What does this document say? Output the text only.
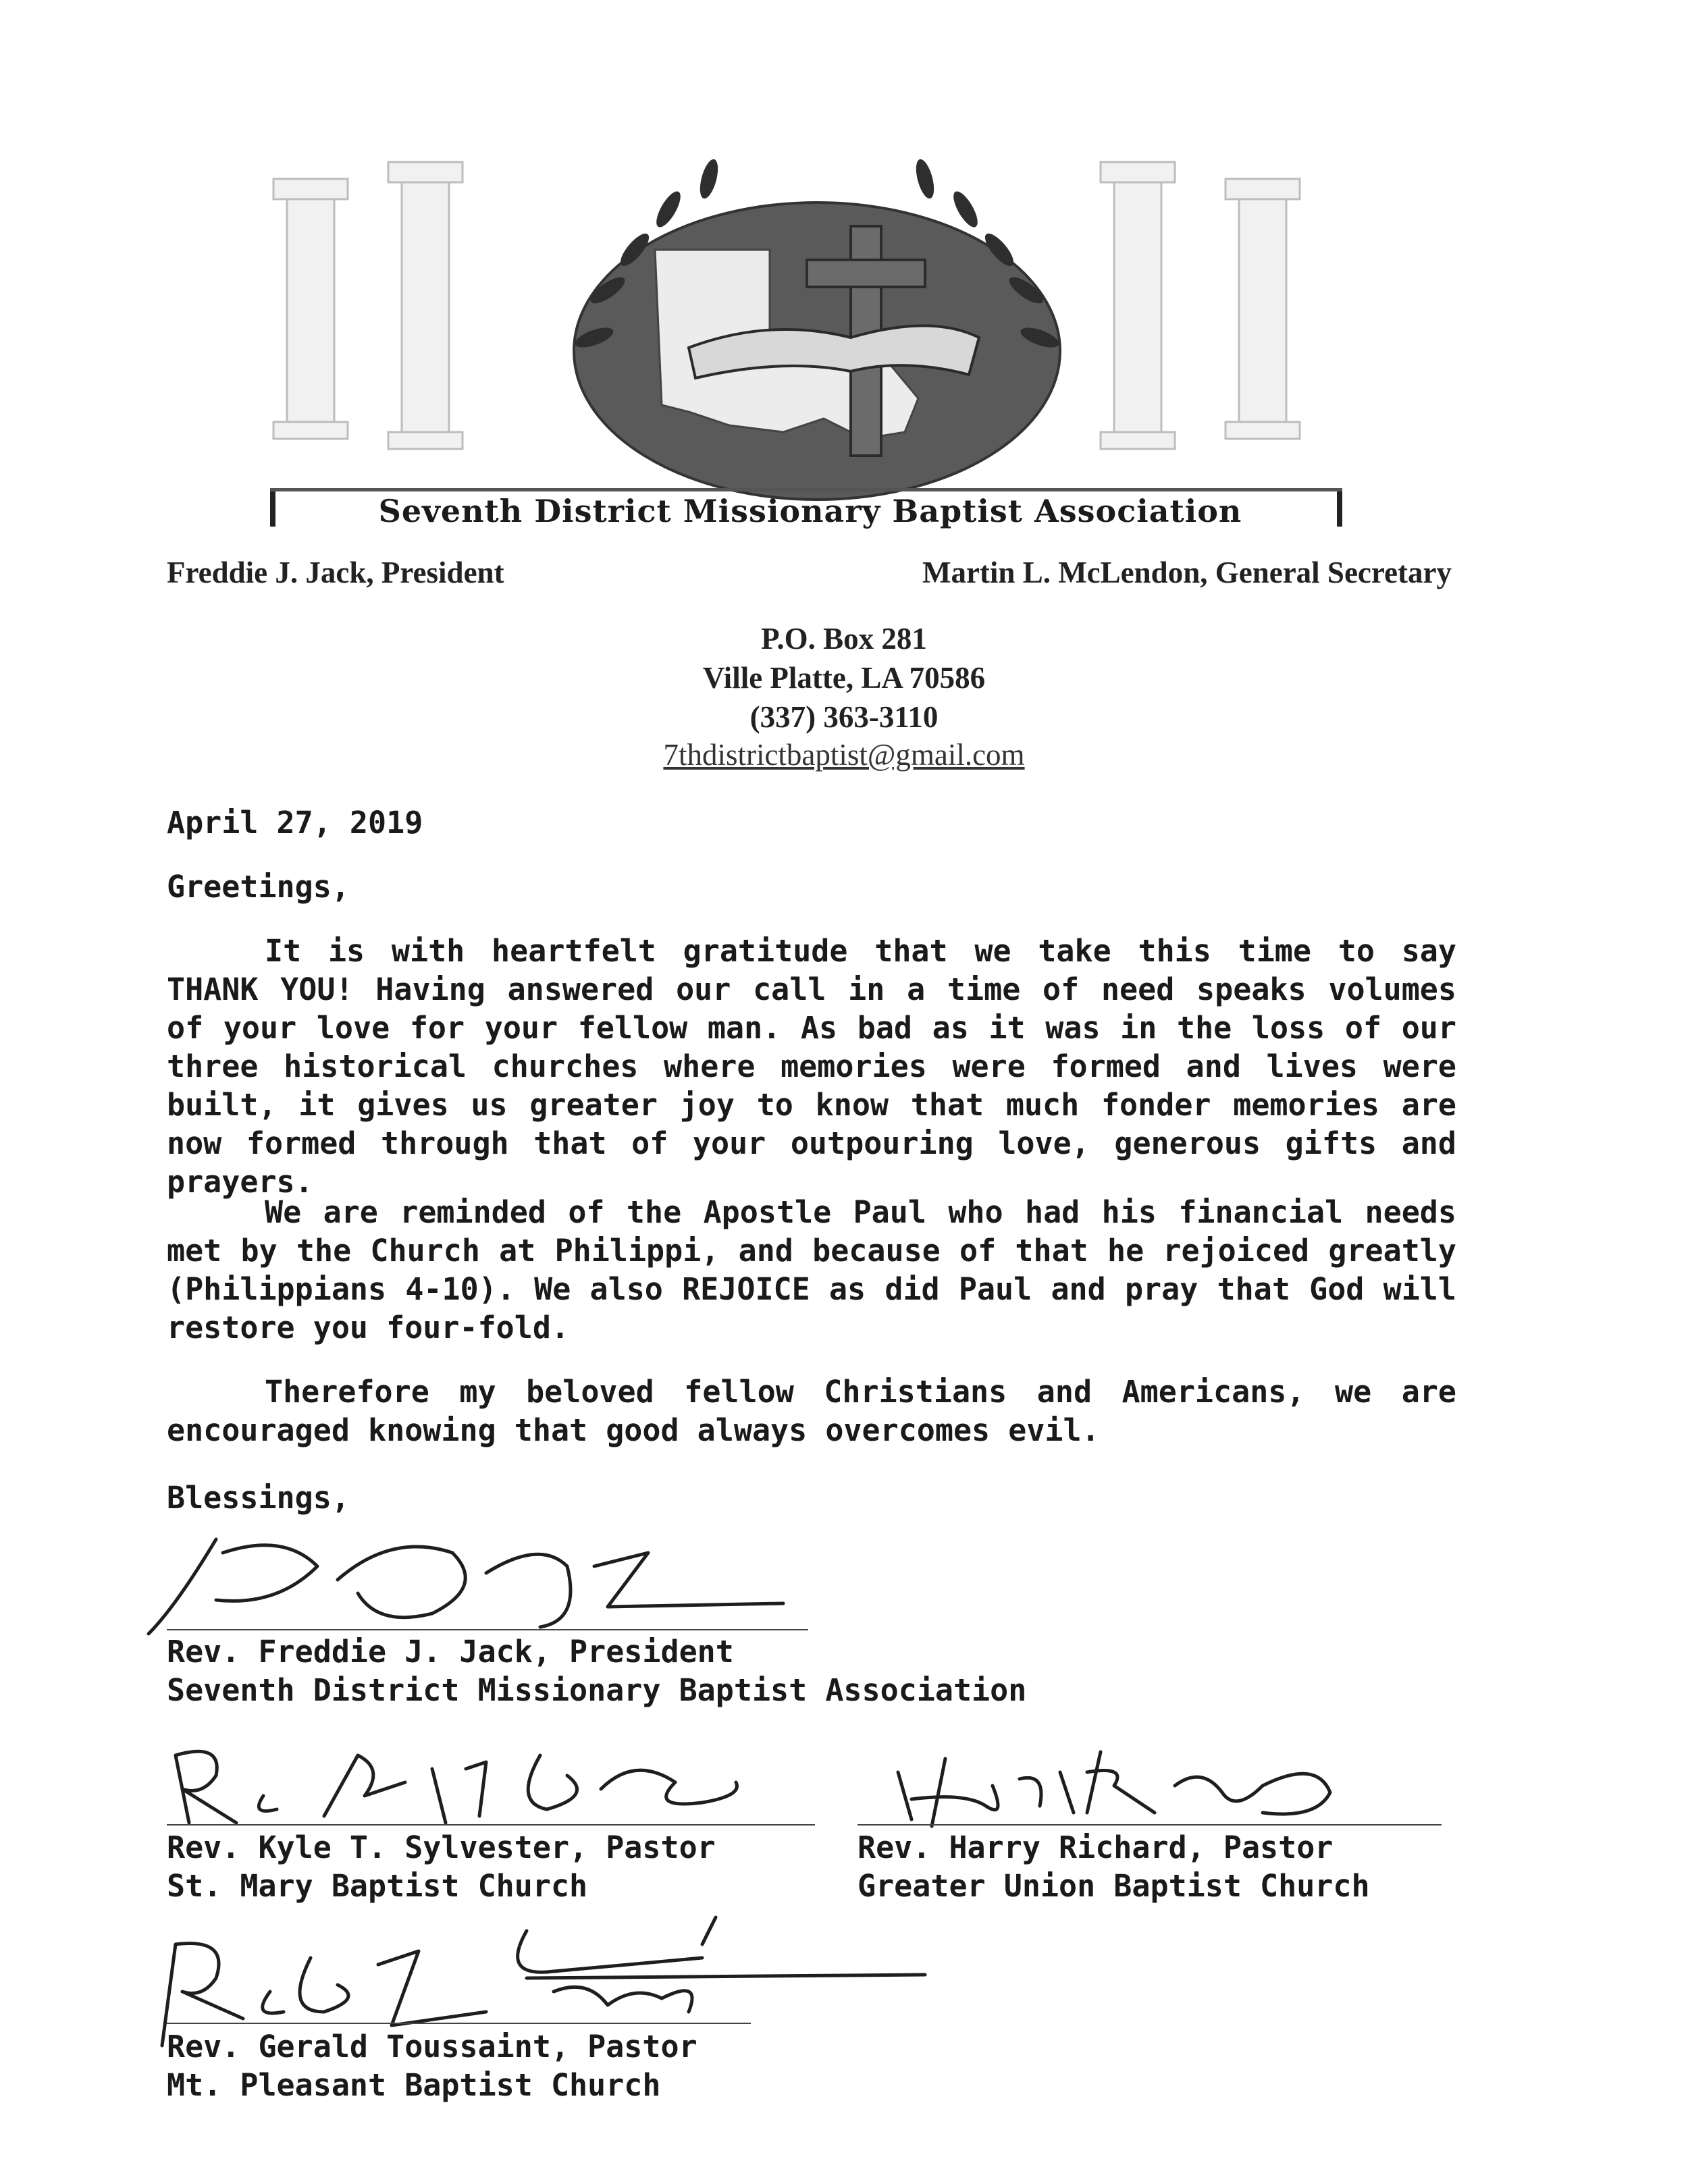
Seventh District Missionary Baptist Association
Freddie J. Jack, President	Martin L. McLendon, General Secretary
P.O. Box 281
Ville Platte, LA 70586
(337) 363-3110
7thdistrictbaptist@gmail.com
April 27, 2019
Greetings,
It is with heartfelt gratitude that we take this time to say THANK YOU! Having answered our call in a time of need speaks volumes of your love for your fellow man. As bad as it was in the loss of our three historical churches where memories were formed and lives were built, it gives us greater joy to know that much fonder memories are now formed through that of your outpouring love, generous gifts and prayers.
We are reminded of the Apostle Paul who had his financial needs met by the Church at Philippi, and because of that he rejoiced greatly (Philippians 4-10). We also REJOICE as did Paul and pray that God will restore you four-fold.
Therefore my beloved fellow Christians and Americans, we are encouraged knowing that good always overcomes evil.
Blessings,
Rev. Freddie J. Jack, President
Seventh District Missionary Baptist Association
Rev. Kyle T. Sylvester, Pastor
St. Mary Baptist Church
Rev. Harry Richard, Pastor
Greater Union Baptist Church
Rev. Gerald Toussaint, Pastor
Mt. Pleasant Baptist Church
